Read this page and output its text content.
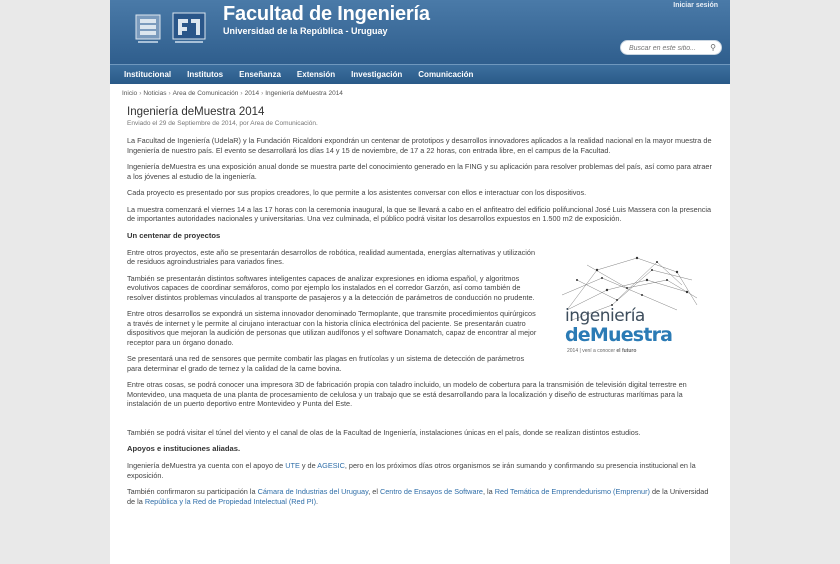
Facultad de Ingeniería
Universidad de la República - Uruguay
Iniciar sesión
Buscar en este sitio...
⚲
Institucional	Institutos	Enseñanza	Extensión	Investigación	Comunicación
Inicio › Noticias › Area de Comunicación › 2014 › Ingeniería deMuestra 2014
Ingeniería deMuestra 2014
Enviado el 29 de Septiembre de 2014, por Area de Comunicación.

La Facultad de Ingeniería (UdelaR) y la Fundación Ricaldoni expondrán un centenar de prototipos y desarrollos innovadores aplicados a la realidad nacional en la mayor muestra de Ingeniería de nuestro país. El evento se desarrollará los días 14 y 15 de noviembre, de 17 a 22 horas, con entrada libre, en el campus de la Facultad.

Ingeniería deMuestra es una exposición anual donde se muestra parte del conocimiento generado en la FING y su aplicación para resolver problemas del país, así como para atraer a los jóvenes al estudio de la ingeniería.

Cada proyecto es presentado por sus propios creadores, lo que permite a los asistentes conversar con ellos e interactuar con los dispositivos.

La muestra comenzará el viernes 14 a las 17 horas con la ceremonia inaugural, la que se llevará a cabo en el anfiteatro del edificio polifuncional José Luis Massera con la presencia de importantes autoridades nacionales y universitarias. Una vez culminada, el público podrá visitar los desarrollos expuestos en 1.500 m2 de exposición.

Un centenar de proyectos
ingeniería
deMuestra
2014 | vení a conocer el futuro

Entre otros proyectos, este año se presentarán desarrollos de robótica, realidad aumentada, energías alternativas y utilización de residuos agroindustriales para variados fines.

También se presentarán distintos softwares inteligentes capaces de analizar expresiones en idioma español, y algoritmos evolutivos capaces de coordinar semáforos, como por ejemplo los instalados en el corredor Garzón, así como también de resolver distintos problemas vinculados al transporte de pasajeros y a la detección de parámetros de conducción no prudente.

Entre otros desarrollos se expondrá un sistema innovador denominado Termoplante, que transmite procedimientos quirúrgicos a través de internet y le permite al cirujano interactuar con la historia clínica electrónica del paciente. Se presentarán cuatro dispositivos que mejoran la audición de personas que utilizan audífonos y el software Donamatch, capaz de encontrar al mejor receptor para un órgano donado.

Se presentará una red de sensores que permite combatir las plagas en frutícolas y un sistema de detección de parámetros para determinar el grado de ternez y la calidad de la carne bovina.

Entre otras cosas, se podrá conocer una impresora 3D de fabricación propia con taladro incluido, un modelo de cobertura para la transmisión de televisión digital terrestre en Montevideo, una maqueta de una planta de procesamiento de celulosa y un trabajo que se está desarrollando para la localización y diseño de estructuras marítimas para la instalación de un puerto deportivo entre Montevideo y Punta del Este.

También se podrá visitar el túnel del viento y el canal de olas de la Facultad de Ingeniería, instalaciones únicas en el país, donde se realizan distintos estudios.

Apoyos e instituciones aliadas.

Ingeniería deMuestra ya cuenta con el apoyo de UTE y de AGESIC, pero en los próximos días otros organismos se irán sumando y confirmando su presencia institucional en la exposición.

También confirmaron su participación la Cámara de Industrias del Uruguay, el Centro de Ensayos de Software, la Red Temática de Emprendedurismo (Emprenur) de la Universidad de la República y la Red de Propiedad Intelectual (Red PI).
